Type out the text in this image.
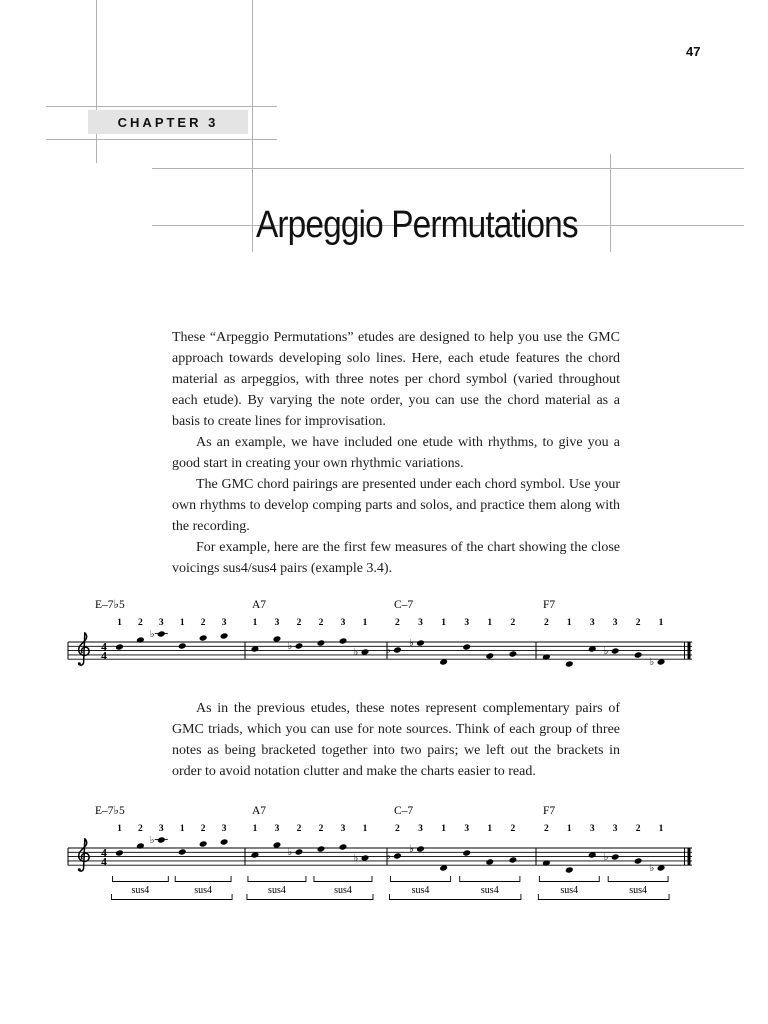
47
CHAPTER 3
Arpeggio Permutations

These “Arpeggio Permutations” etudes are designed to help you use the GMC approach towards developing solo lines. Here, each etude features the chord material as arpeggios, with three notes per chord symbol (varied throughout each etude). By varying the note order, you can use the chord material as a basis to create lines for improvisation.

As an example, we have included one etude with rhythms, to give you a good start in creating your own rhythmic variations.

The GMC chord pairings are presented under each chord symbol. Use your own rhythms to develop comping parts and solos, and practice them along with the recording.

For example, here are the first few measures of the chart showing the close voicings sus4/sus4 pairs (example 3.4).

4
4
E–7♭5
1 2
♭
3 1 2 3
A7
1 3
♭
2 2 3
♭
1
C–7
♭
2
♭
3 1 3 1 2
F7
2 1 3
♭
3 2
♭
1

As in the previous etudes, these notes represent complementary pairs of GMC triads, which you can use for note sources. Think of each group of three notes as being bracketed together into two pairs; we left out the brackets in order to avoid notation clutter and make the charts easier to read.

4
4
E–7♭5
1 2
♭
3 1 2 3
sus4	sus4
A7
1 3
♭
2 2 3
♭
1
sus4	sus4
C–7
♭
2
♭
3 1 3 1 2
sus4	sus4
F7
2 1 3
♭
3 2
♭
1
sus4	sus4
